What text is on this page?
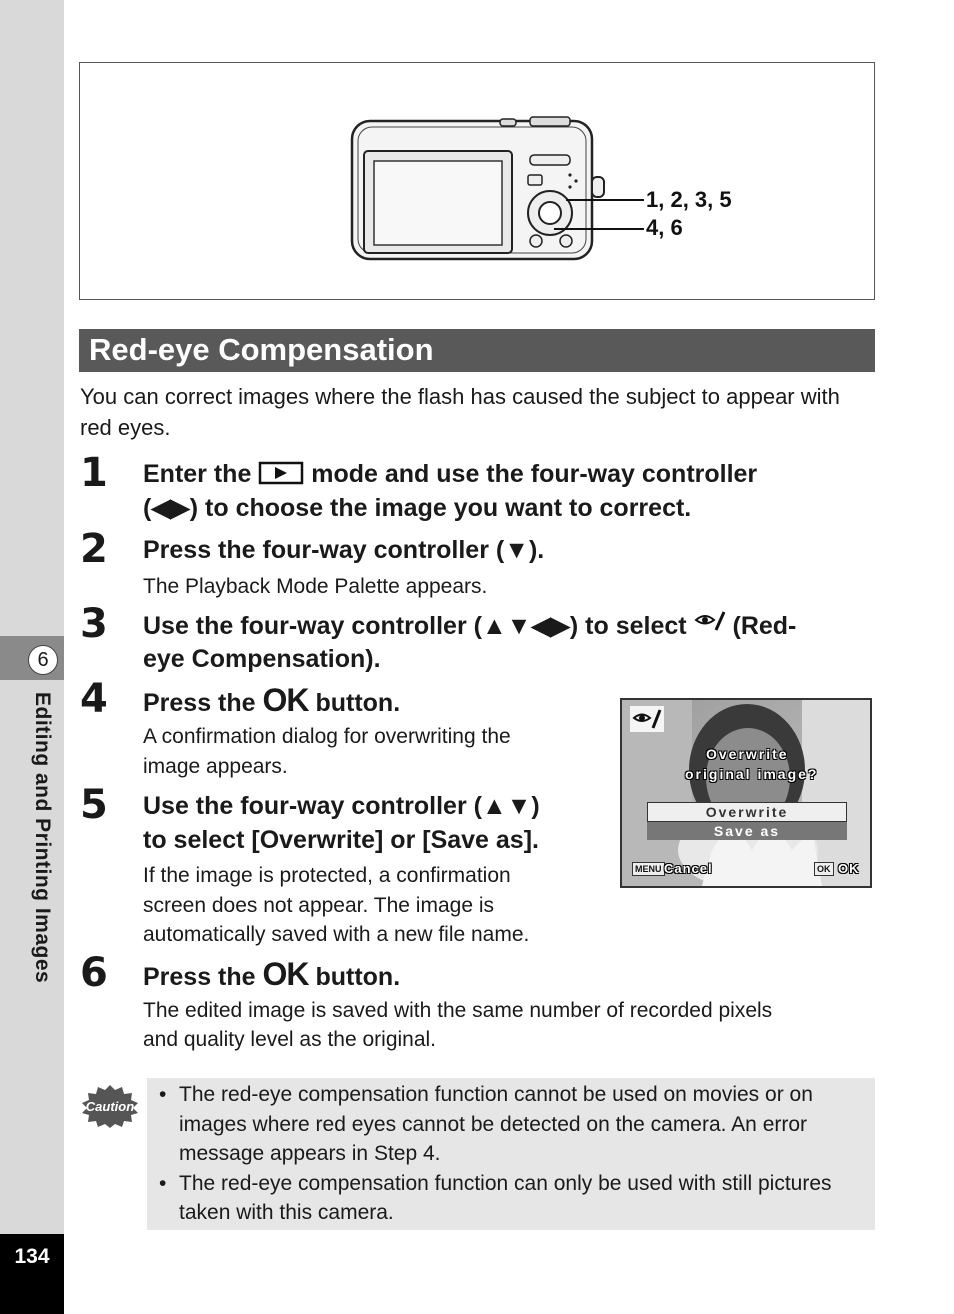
6
Editing and Printing Images
134
1, 2, 3, 5
4, 6
Red-eye Compensation
You can correct images where the flash has caused the subject to appear with red eyes.
1 Enter the mode and use the four-way controller
(◀▶) to choose the image you want to correct.
2 Press the four-way controller (▼).
The Playback Mode Palette appears.
3 Use the four-way controller (▲▼◀▶) to select (Red-
eye Compensation).
4 Press the OK button.
A confirmation dialog for overwriting the
image appears.
5 Use the four-way controller (▲▼)
to select [Overwrite] or [Save as].
If the image is protected, a confirmation
screen does not appear. The image is
automatically saved with a new file name.
6 Press the OK button.
The edited image is saved with the same number of recorded pixels
and quality level as the original.
Overwrite
original image?
Overwrite
Save as
MENU Cancel	OK OK
Caution

• The red-eye compensation function cannot be used on movies or on images where red eyes cannot be detected on the camera. An error message appears in Step 4.

• The red-eye compensation function can only be used with still pictures taken with this camera.
